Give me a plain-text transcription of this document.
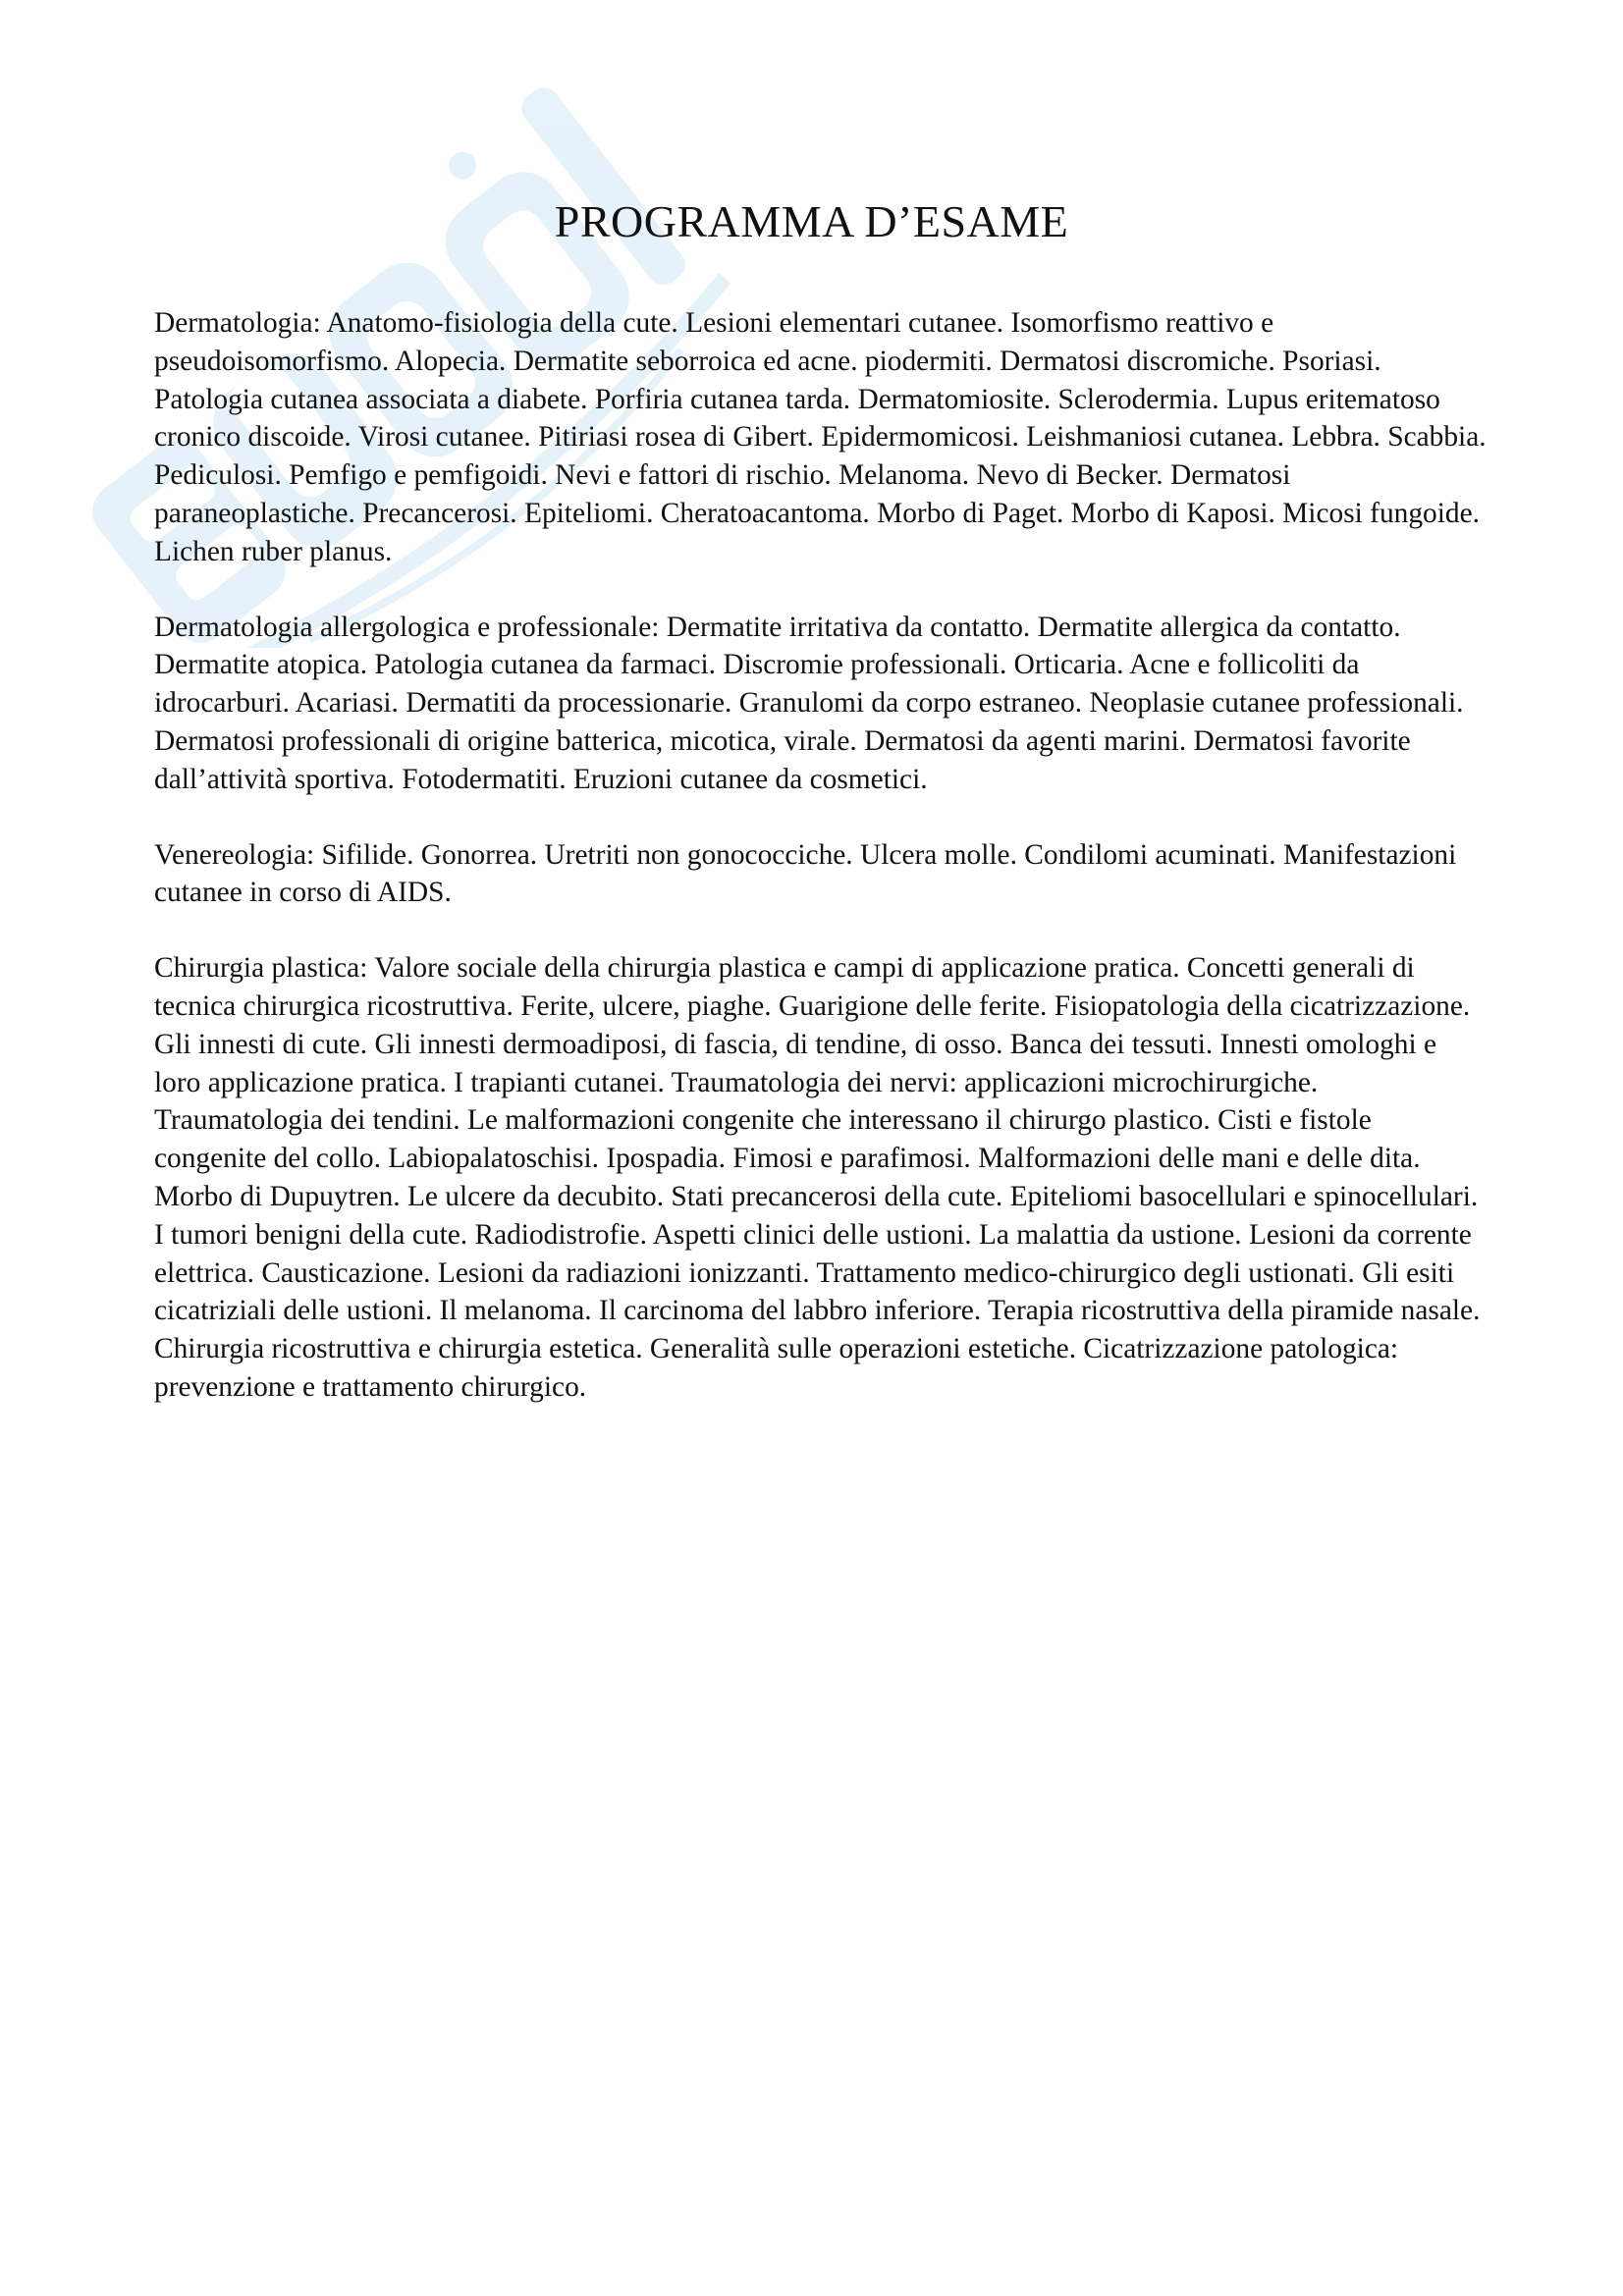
PROGRAMMA D’ESAME

Dermatologia: Anatomo-fisiologia della cute. Lesioni elementari cutanee. Isomorfismo reattivo e pseudoisomorfismo. Alopecia. Dermatite seborroica ed acne. piodermiti. Dermatosi discromiche. Psoriasi. Patologia cutanea associata a diabete. Porfiria cutanea tarda. Dermatomiosite. Sclerodermia. Lupus eritematoso cronico discoide. Virosi cutanee. Pitiriasi rosea di Gibert. Epidermomicosi. Leishmaniosi cutanea. Lebbra. Scabbia. Pediculosi. Pemfigo e pemfigoidi. Nevi e fattori di rischio. Melanoma. Nevo di Becker. Dermatosi paraneoplastiche. Precancerosi. Epiteliomi. Cheratoacantoma. Morbo di Paget. Morbo di Kaposi. Micosi fungoide. Lichen ruber planus.

Dermatologia allergologica e professionale: Dermatite irritativa da contatto. Dermatite allergica da contatto. Dermatite atopica. Patologia cutanea da farmaci. Discromie professionali. Orticaria. Acne e follicoliti da idrocarburi. Acariasi. Dermatiti da processionarie. Granulomi da corpo estraneo. Neoplasie cutanee professionali. Dermatosi professionali di origine batterica, micotica, virale. Dermatosi da agenti marini. Dermatosi favorite dall’attività sportiva. Fotodermatiti. Eruzioni cutanee da cosmetici.

Venereologia: Sifilide. Gonorrea. Uretriti non gonococciche. Ulcera molle. Condilomi acuminati. Manifestazioni cutanee in corso di AIDS.

Chirurgia plastica: Valore sociale della chirurgia plastica e campi di applicazione pratica. Concetti generali di tecnica chirurgica ricostruttiva. Ferite, ulcere, piaghe. Guarigione delle ferite. Fisiopatologia della cicatrizzazione. Gli innesti di cute. Gli innesti dermoadiposi, di fascia, di tendine, di osso. Banca dei tessuti. Innesti omologhi e loro applicazione pratica. I trapianti cutanei. Traumatologia dei nervi: applicazioni microchirurgiche. Traumatologia dei tendini. Le malformazioni congenite che interessano il chirurgo plastico. Cisti e fistole congenite del collo. Labiopalatoschisi. Ipospadia. Fimosi e parafimosi. Malformazioni delle mani e delle dita. Morbo di Dupuytren. Le ulcere da decubito. Stati precancerosi della cute. Epiteliomi basocellulari e spinocellulari. I tumori benigni della cute. Radiodistrofie. Aspetti clinici delle ustioni. La malattia da ustione. Lesioni da corrente elettrica. Causticazione. Lesioni da radiazioni ionizzanti. Trattamento medico-chirurgico degli ustionati. Gli esiti cicatriziali delle ustioni. Il melanoma. Il carcinoma del labbro inferiore. Terapia ricostruttiva della piramide nasale. Chirurgia ricostruttiva e chirurgia estetica. Generalità sulle operazioni estetiche. Cicatrizzazione patologica: prevenzione e trattamento chirurgico.
